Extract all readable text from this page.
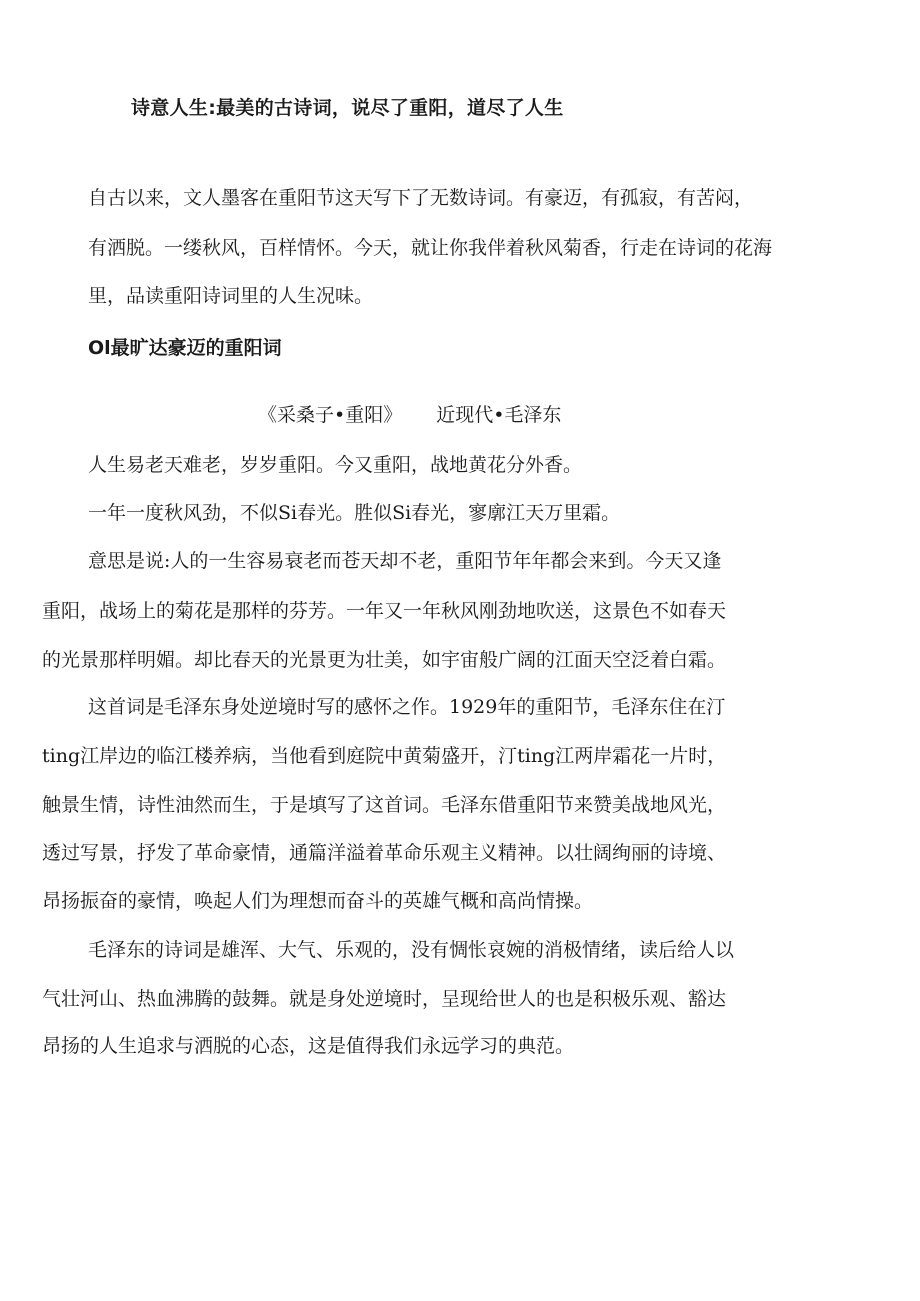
诗意人生:最美的古诗词，说尽了重阳，道尽了人生
自古以来，文人墨客在重阳节这天写下了无数诗词。有豪迈，有孤寂，有苦闷，
有洒脱。一缕秋风，百样情怀。今天，就让你我伴着秋风菊香，行走在诗词的花海
里，品读重阳诗词里的人生况味。
Ol最旷达豪迈的重阳词
《采桑子•重阳》 近现代•毛泽东
人生易老天难老，岁岁重阳。今又重阳，战地黄花分外香。
一年一度秋风劲，不似Si春光。胜似Si春光，寥廓江天万里霜。
意思是说:人的一生容易衰老而苍天却不老，重阳节年年都会来到。今天又逢
重阳，战场上的菊花是那样的芬芳。一年又一年秋风刚劲地吹送，这景色不如春天
的光景那样明媚。却比春天的光景更为壮美，如宇宙般广阔的江面天空泛着白霜。
这首词是毛泽东身处逆境时写的感怀之作。1929年的重阳节，毛泽东住在汀
ting江岸边的临江楼养病，当他看到庭院中黄菊盛开，汀ting江两岸霜花一片时，
触景生情，诗性油然而生，于是填写了这首词。毛泽东借重阳节来赞美战地风光，
透过写景，抒发了革命豪情，通篇洋溢着革命乐观主义精神。以壮阔绚丽的诗境、
昂扬振奋的豪情，唤起人们为理想而奋斗的英雄气概和高尚情操。
毛泽东的诗词是雄浑、大气、乐观的，没有惆怅哀婉的消极情绪，读后给人以
气壮河山、热血沸腾的鼓舞。就是身处逆境时，呈现给世人的也是积极乐观、豁达
昂扬的人生追求与洒脱的心态，这是值得我们永远学习的典范。
